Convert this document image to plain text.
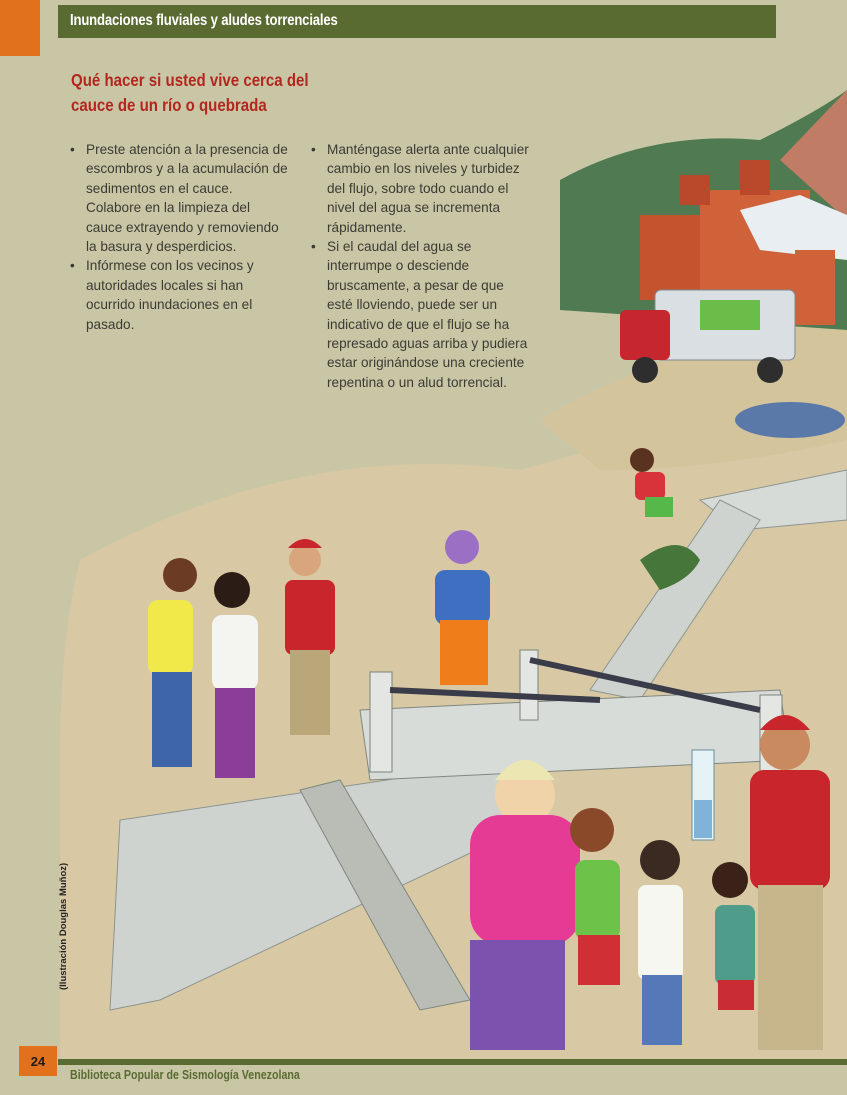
Inundaciones fluviales y aludes torrenciales
Qué hacer si usted vive cerca del cauce de un río o quebrada
• Preste atención a la presencia de escombros y a la acumulación de sedimentos en el cauce. Colabore en la limpieza del cauce extrayendo y removiendo la basura y desperdicios.
• Infórmese con los vecinos y autoridades locales si han ocurrido inundaciones en el pasado.
• Manténgase alerta ante cualquier cambio en los niveles y turbidez del flujo, sobre todo cuando el nivel del agua se incrementa rápidamente.
• Si el caudal del agua se interrumpe o desciende bruscamente, a pesar de que esté lloviendo, puede ser un indicativo de que el flujo se ha represado aguas arriba y pudiera estar originándose una creciente repentina o un alud torrencial.
(Ilustración Douglas Muñoz)
24
Biblioteca Popular de Sismología Venezolana
